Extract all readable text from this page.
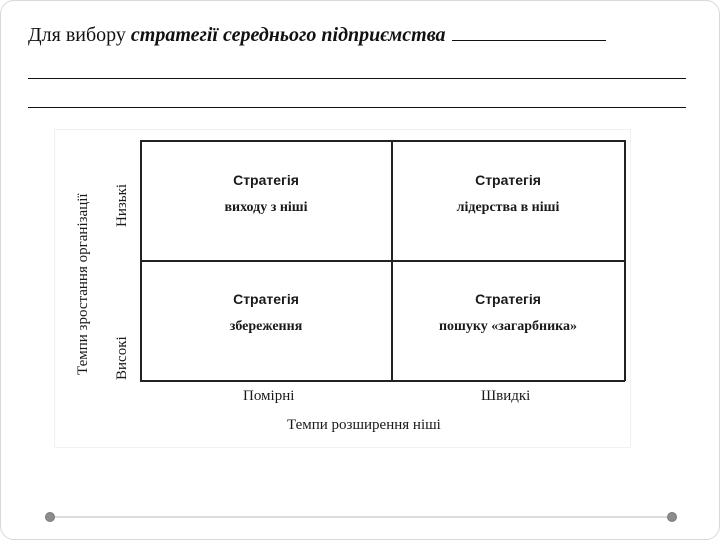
Для вибору стратегії середнього підприємства
Темпи зростання організації Низькі
Високі
Стратегія
виходу з ніші
Стратегія
лідерства в ніші
Стратегія
збереження
Стратегія
пошуку «загарбника»
Помірні	Швидкі
Темпи розширення ніші
